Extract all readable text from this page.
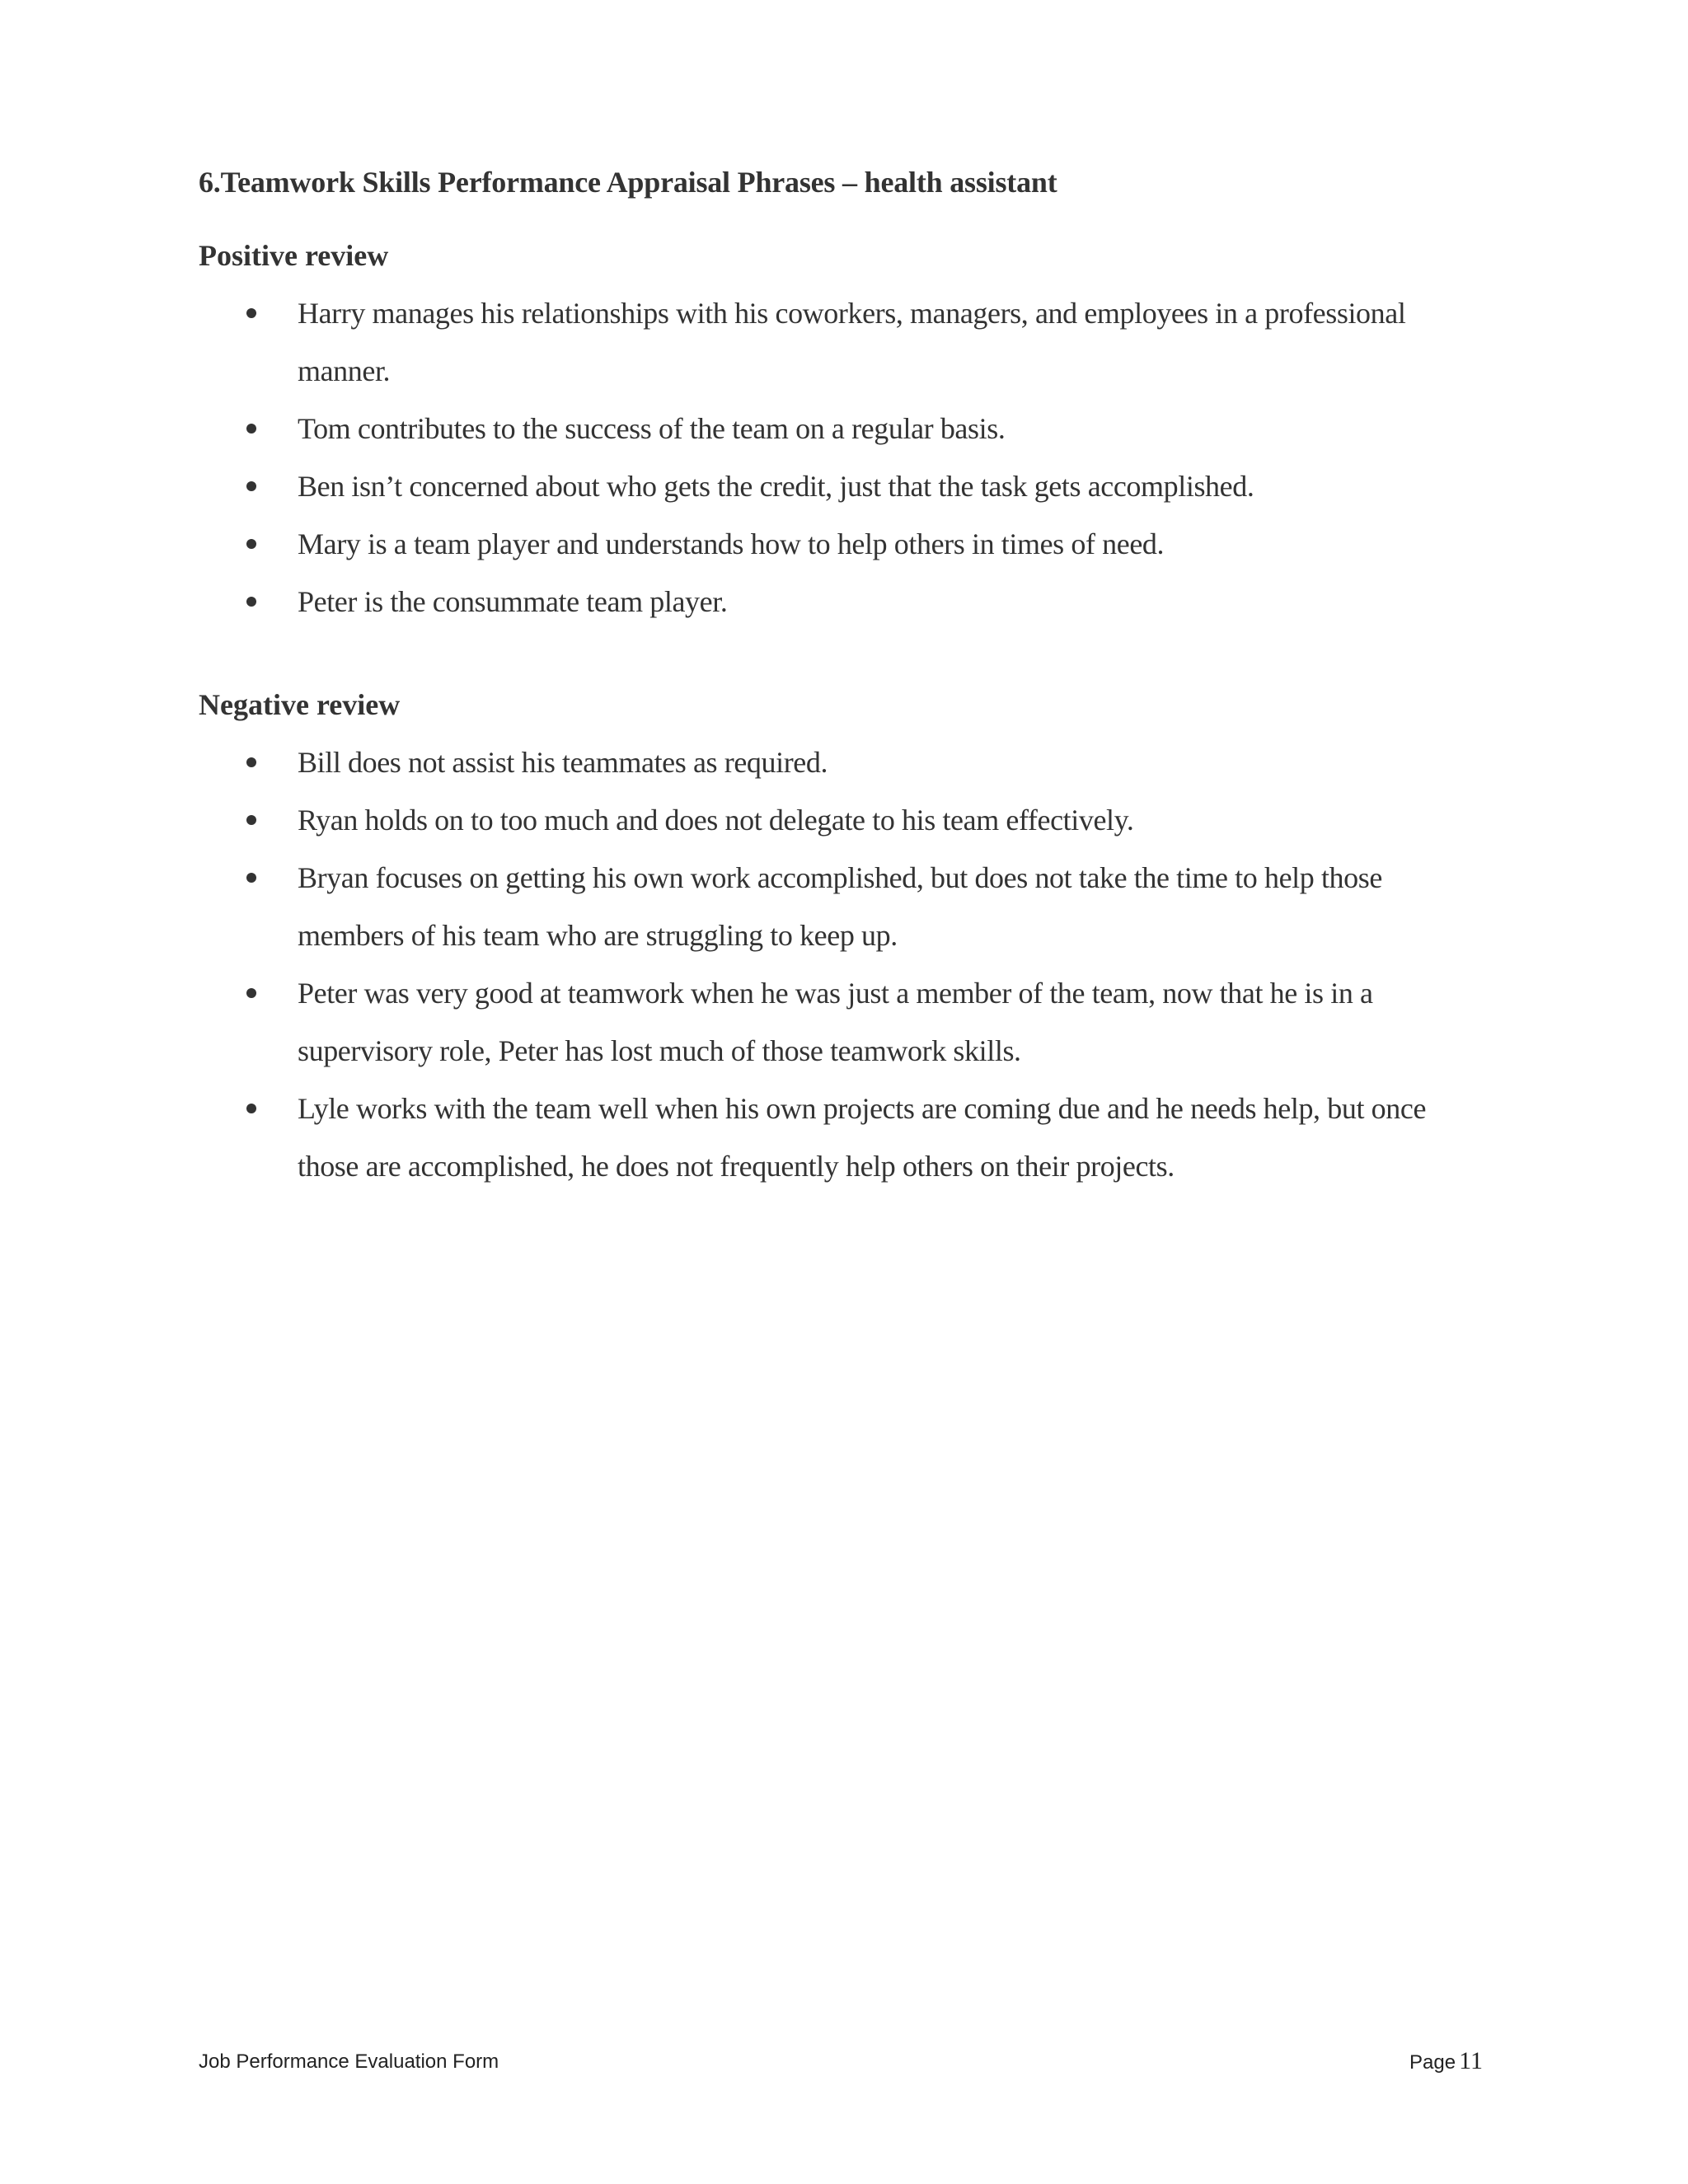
6.Teamwork Skills Performance Appraisal Phrases – health assistant
Positive review
Harry manages his relationships with his coworkers, managers, and employees in a professional manner.
Tom contributes to the success of the team on a regular basis.
Ben isn’t concerned about who gets the credit, just that the task gets accomplished.
Mary is a team player and understands how to help others in times of need.
Peter is the consummate team player.
Negative review
Bill does not assist his teammates as required.
Ryan holds on to too much and does not delegate to his team effectively.
Bryan focuses on getting his own work accomplished, but does not take the time to help those members of his team who are struggling to keep up.
Peter was very good at teamwork when he was just a member of the team, now that he is in a supervisory role, Peter has lost much of those teamwork skills.
Lyle works with the team well when his own projects are coming due and he needs help, but once those are accomplished, he does not frequently help others on their projects.
Job Performance Evaluation Form	Page 11
